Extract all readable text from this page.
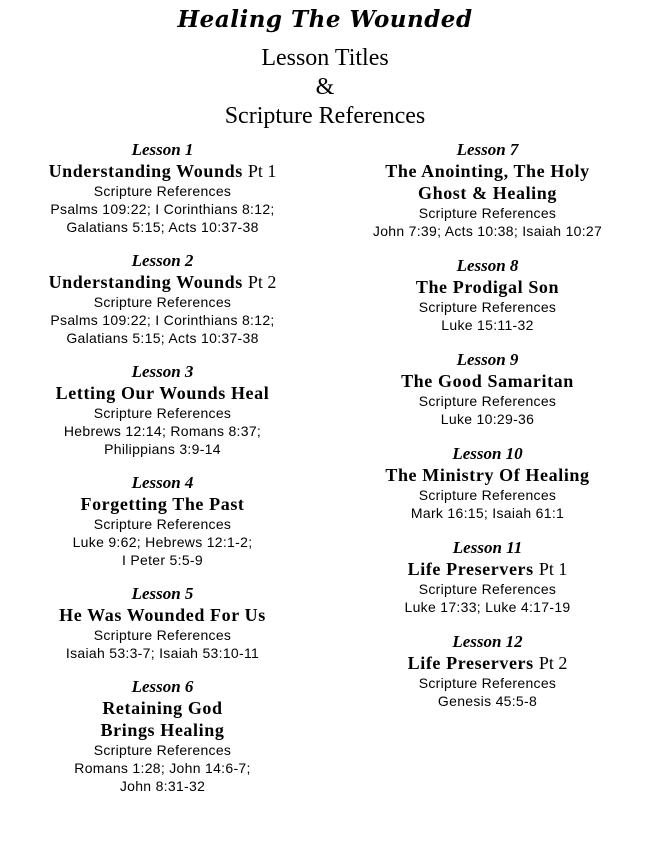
Healing The Wounded
Lesson Titles
&
Scripture References
Lesson 1
Understanding Wounds Pt 1
Scripture References
Psalms 109:22; I Corinthians 8:12;
Galatians 5:15; Acts 10:37-38
Lesson 2
Understanding Wounds Pt 2
Scripture References
Psalms 109:22; I Corinthians 8:12;
Galatians 5:15; Acts 10:37-38
Lesson 3
Letting Our Wounds Heal
Scripture References
Hebrews 12:14; Romans 8:37;
Philippians 3:9-14
Lesson 4
Forgetting The Past
Scripture References
Luke 9:62; Hebrews 12:1-2;
I Peter 5:5-9
Lesson 5
He Was Wounded For Us
Scripture References
Isaiah 53:3-7; Isaiah 53:10-11
Lesson 6
Retaining God
Brings Healing
Scripture References
Romans 1:28; John 14:6-7;
John 8:31-32
Lesson 7
The Anointing, The Holy
Ghost & Healing
Scripture References
John 7:39; Acts 10:38; Isaiah 10:27
Lesson 8
The Prodigal Son
Scripture References
Luke 15:11-32
Lesson 9
The Good Samaritan
Scripture References
Luke 10:29-36
Lesson 10
The Ministry Of Healing
Scripture References
Mark 16:15; Isaiah 61:1
Lesson 11
Life Preservers Pt 1
Scripture References
Luke 17:33; Luke 4:17-19
Lesson 12
Life Preservers Pt 2
Scripture References
Genesis 45:5-8
